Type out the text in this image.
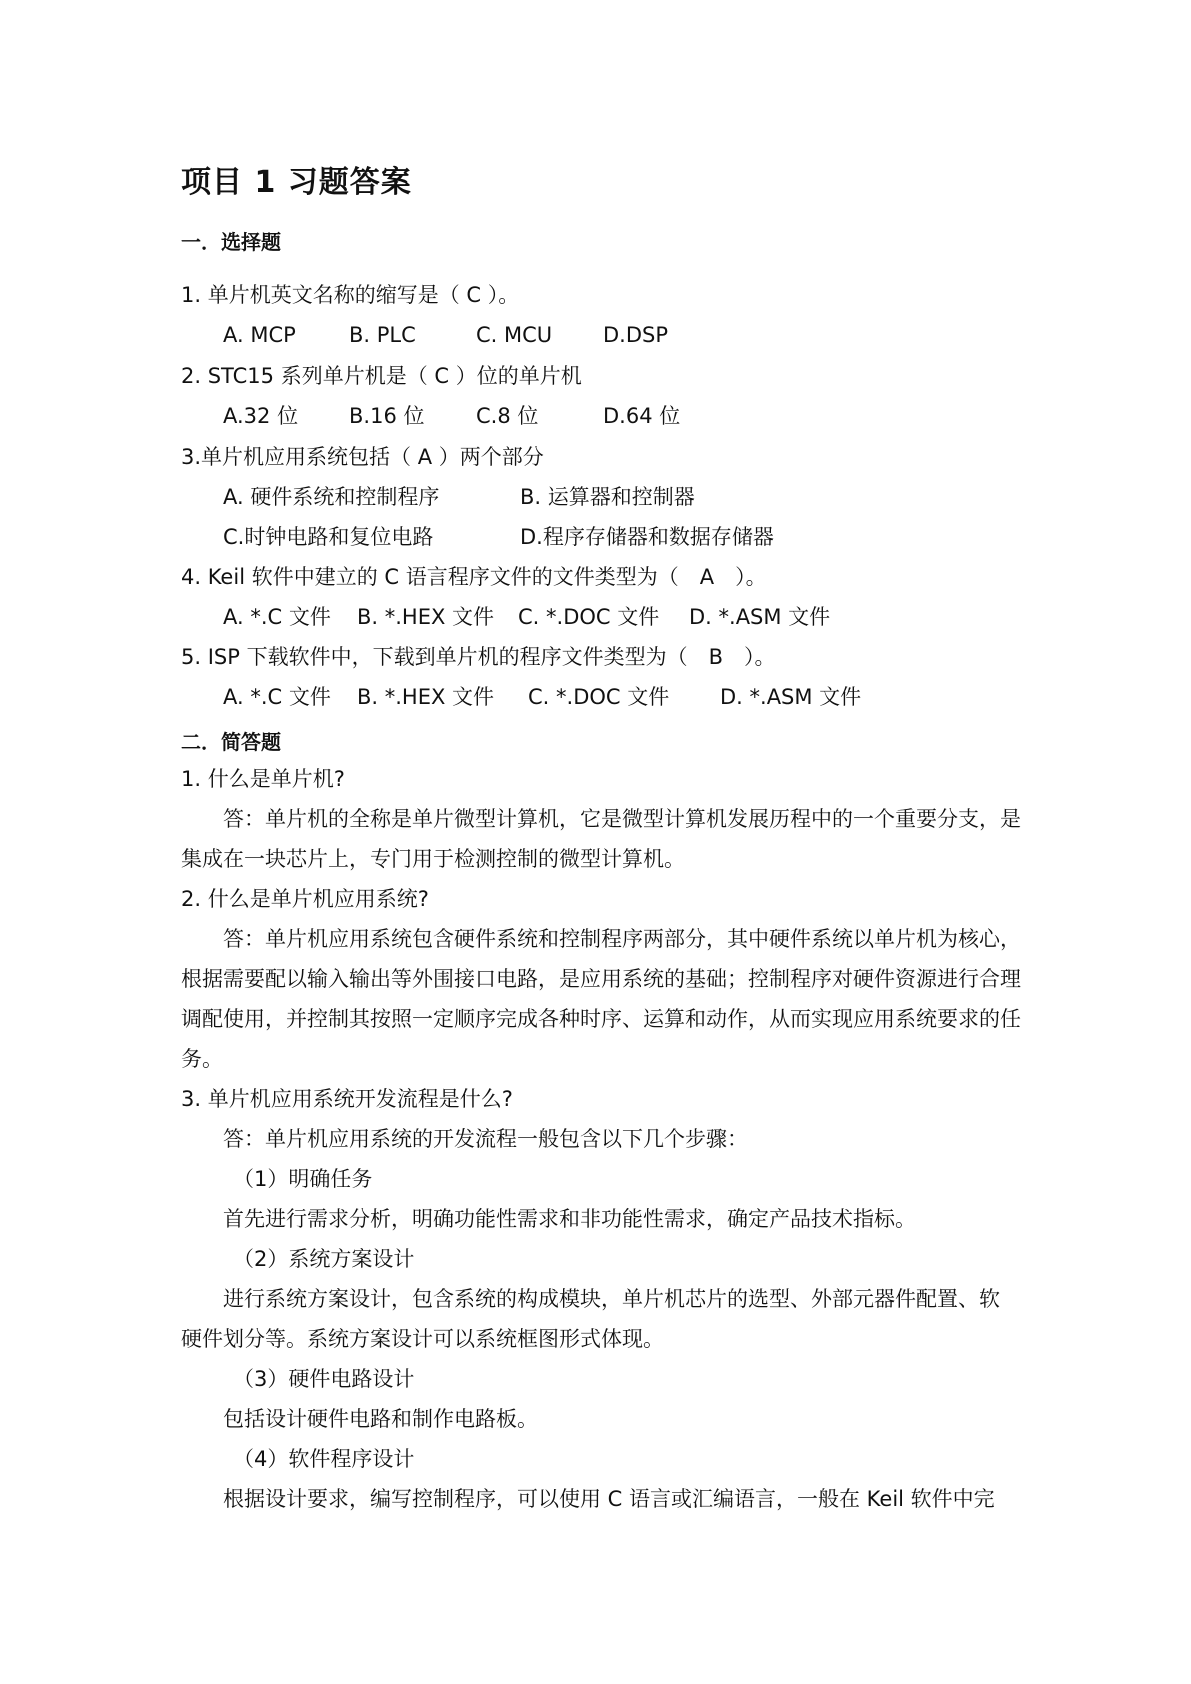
项目 1 习题答案
一．选择题
1. 单片机英文名称的缩写是（ C ）。
A. MCP	B. PLC	C. MCU D.DSP
2. STC15 系列单片机是（ C ）位的单片机
A.32 位 B.16 位 C.8 位	D.64 位
3.单片机应用系统包括（ A ）两个部分
A. 硬件系统和控制程序	B. 运算器和控制器
C.时钟电路和复位电路	D.程序存储器和数据存储器
4. Keil 软件中建立的 C 语言程序文件的文件类型为（　A　）。
A. *.C 文件 B. *.HEX 文件 C. *.DOC 文件 D. *.ASM 文件
5. ISP 下载软件中，下载到单片机的程序文件类型为（　B　）。
A. *.C 文件 B. *.HEX 文件 C. *.DOC 文件 D. *.ASM 文件
二．简答题
1. 什么是单片机?
答：单片机的全称是单片微型计算机，它是微型计算机发展历程中的一个重要分支，是
集成在一块芯片上，专门用于检测控制的微型计算机。
2. 什么是单片机应用系统?
答：单片机应用系统包含硬件系统和控制程序两部分，其中硬件系统以单片机为核心，
根据需要配以输入输出等外围接口电路，是应用系统的基础；控制程序对硬件资源进行合理
调配使用，并控制其按照一定顺序完成各种时序、运算和动作，从而实现应用系统要求的任
务。
3. 单片机应用系统开发流程是什么?
答：单片机应用系统的开发流程一般包含以下几个步骤：
（1）明确任务
首先进行需求分析，明确功能性需求和非功能性需求，确定产品技术指标。
（2）系统方案设计
进行系统方案设计，包含系统的构成模块，单片机芯片的选型、外部元器件配置、软
硬件划分等。系统方案设计可以系统框图形式体现。
（3）硬件电路设计
包括设计硬件电路和制作电路板。
（4）软件程序设计
根据设计要求，编写控制程序，可以使用 C 语言或汇编语言，一般在 Keil 软件中完
